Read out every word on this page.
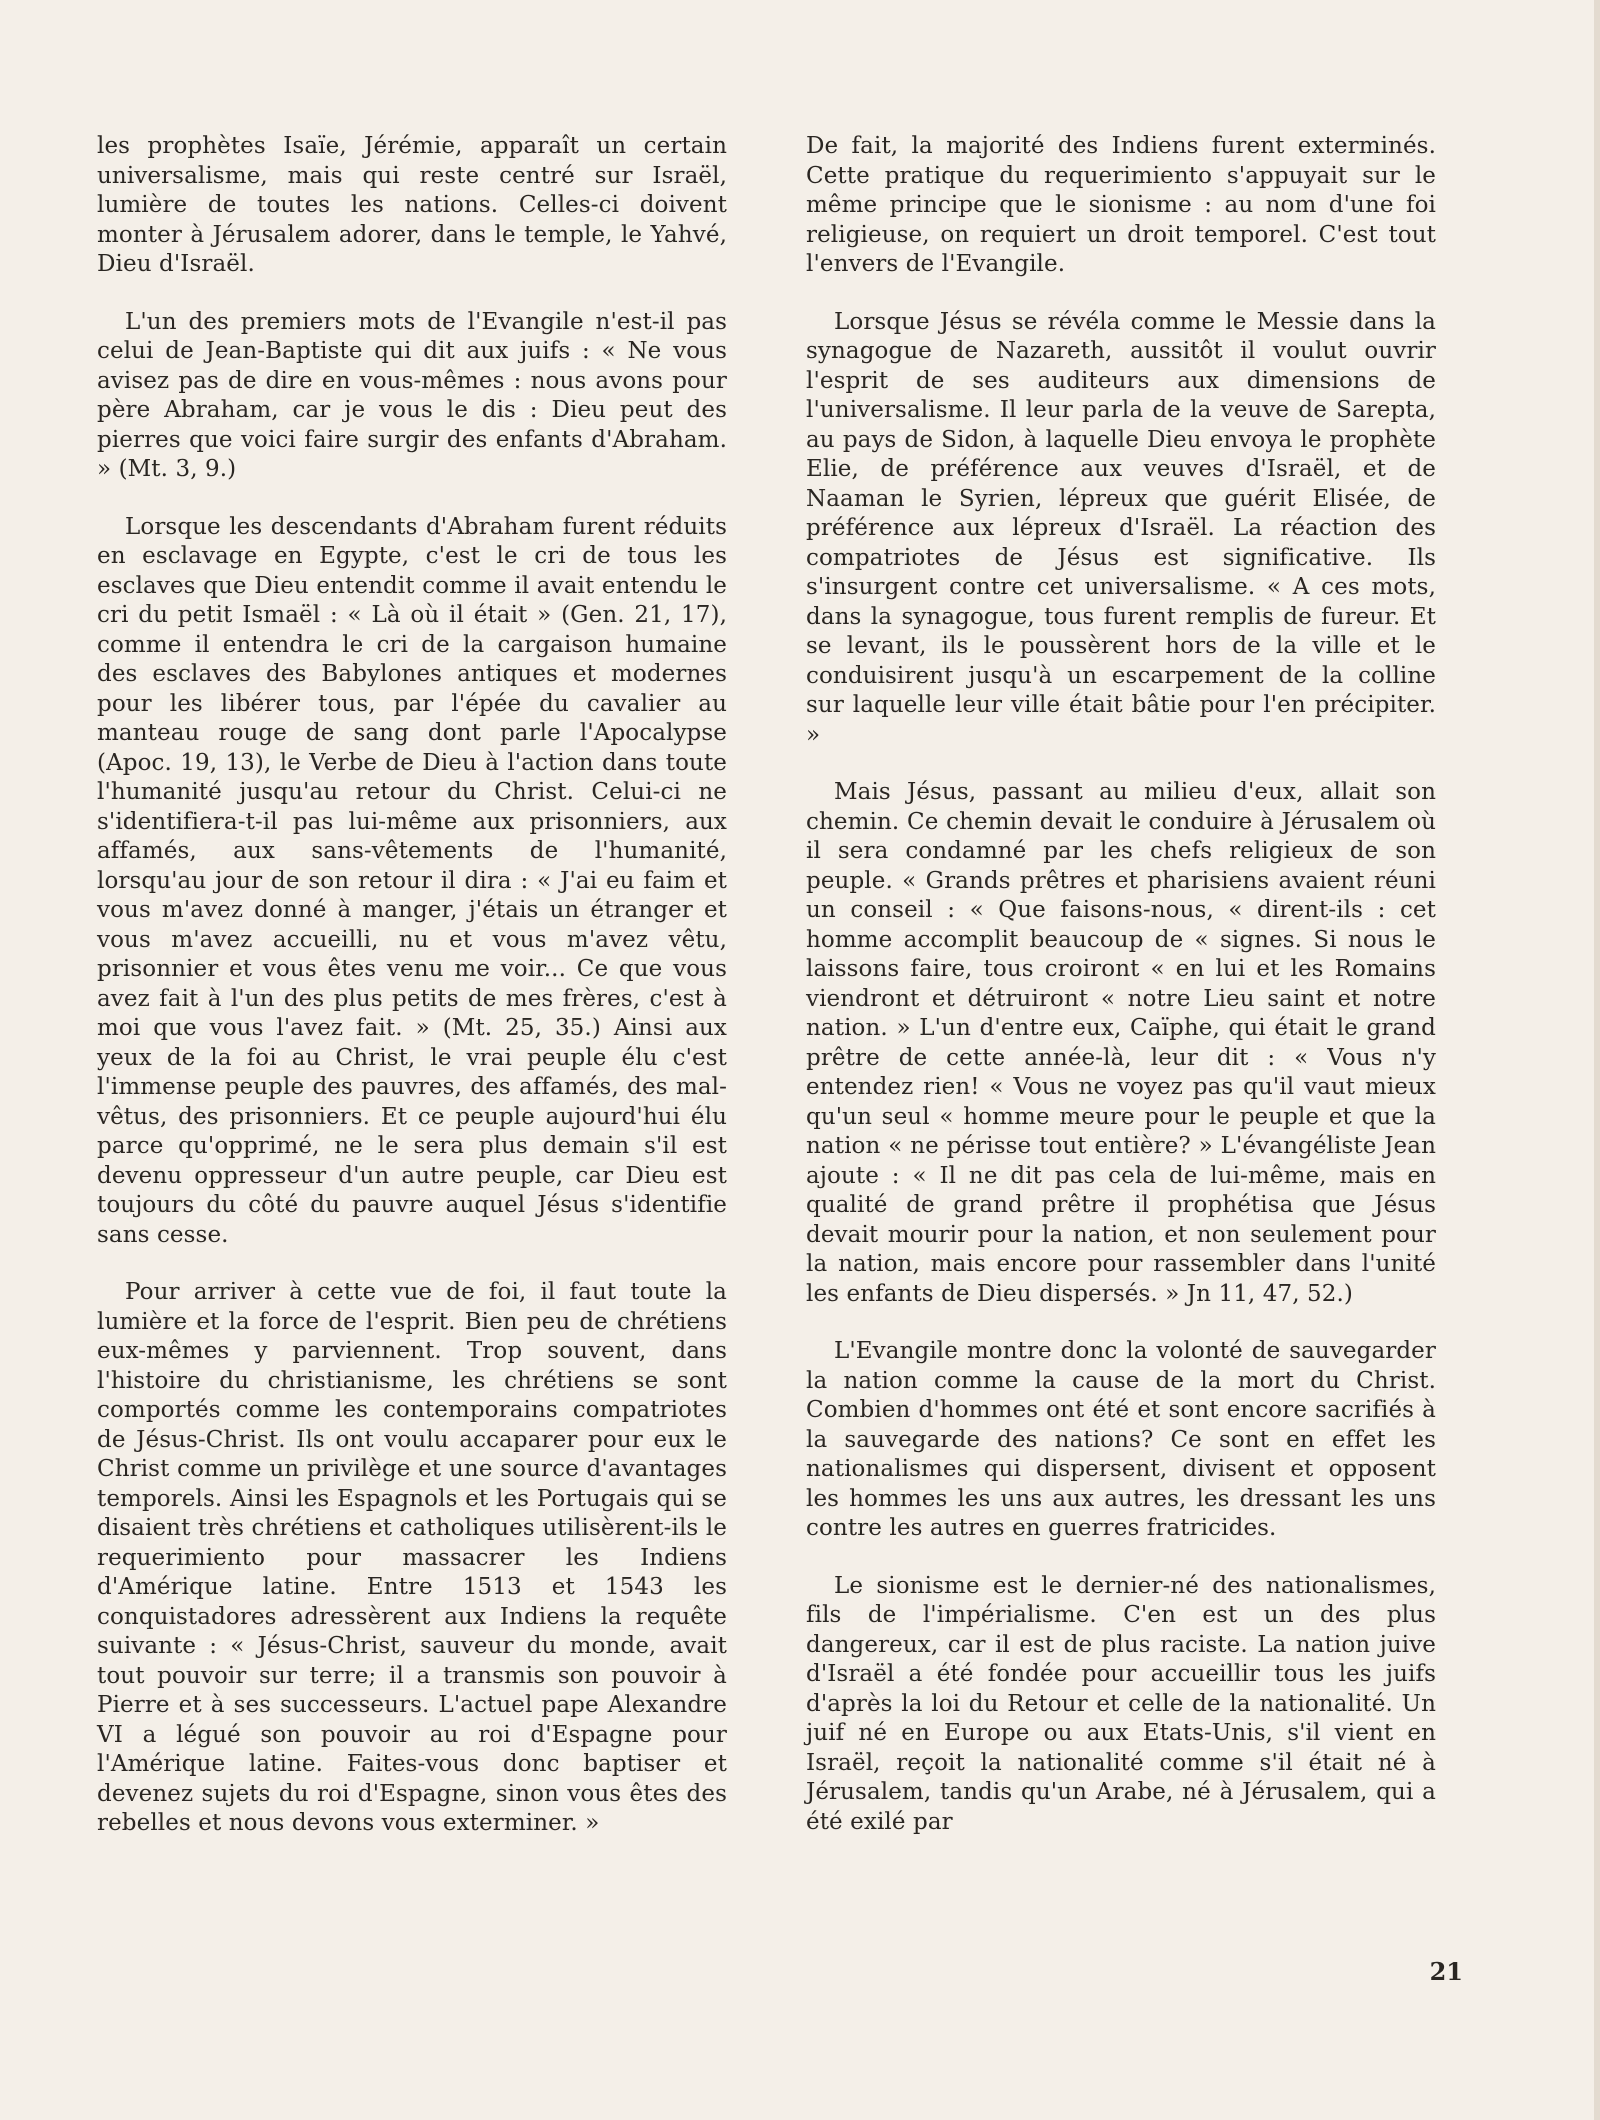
les prophètes Isaïe, Jérémie, apparaît un certain universalisme, mais qui reste centré sur Israël, lumière de toutes les nations. Celles-ci doivent monter à Jérusalem adorer, dans le temple, le Yahvé, Dieu d'Israël.

L'un des premiers mots de l'Evangile n'est-il pas celui de Jean-Baptiste qui dit aux juifs : « Ne vous avisez pas de dire en vous-mêmes : nous avons pour père Abraham, car je vous le dis : Dieu peut des pierres que voici faire surgir des enfants d'Abraham. » (Mt. 3, 9.)

Lorsque les descendants d'Abraham furent réduits en esclavage en Egypte, c'est le cri de tous les esclaves que Dieu entendit comme il avait entendu le cri du petit Ismaël : « Là où il était » (Gen. 21, 17), comme il entendra le cri de la cargaison humaine des esclaves des Babylones antiques et modernes pour les libérer tous, par l'épée du cavalier au manteau rouge de sang dont parle l'Apocalypse (Apoc. 19, 13), le Verbe de Dieu à l'action dans toute l'humanité jusqu'au retour du Christ. Celui-ci ne s'identifiera-t-il pas lui-même aux prisonniers, aux affamés, aux sans-vêtements de l'humanité, lorsqu'au jour de son retour il dira : « J'ai eu faim et vous m'avez donné à manger, j'étais un étranger et vous m'avez accueilli, nu et vous m'avez vêtu, prisonnier et vous êtes venu me voir... Ce que vous avez fait à l'un des plus petits de mes frères, c'est à moi que vous l'avez fait. » (Mt. 25, 35.) Ainsi aux yeux de la foi au Christ, le vrai peuple élu c'est l'immense peuple des pauvres, des affamés, des mal-vêtus, des prisonniers. Et ce peuple aujourd'hui élu parce qu'opprimé, ne le sera plus demain s'il est devenu oppresseur d'un autre peuple, car Dieu est toujours du côté du pauvre auquel Jésus s'identifie sans cesse.

Pour arriver à cette vue de foi, il faut toute la lumière et la force de l'esprit. Bien peu de chrétiens eux-mêmes y parviennent. Trop souvent, dans l'histoire du christianisme, les chrétiens se sont comportés comme les contemporains compatriotes de Jésus-Christ. Ils ont voulu accaparer pour eux le Christ comme un privilège et une source d'avantages temporels. Ainsi les Espagnols et les Portugais qui se disaient très chrétiens et catholiques utilisèrent-ils le requerimiento pour massacrer les Indiens d'Amérique latine. Entre 1513 et 1543 les conquistadores adressèrent aux Indiens la requête suivante : « Jésus-Christ, sauveur du monde, avait tout pouvoir sur terre; il a transmis son pouvoir à Pierre et à ses successeurs. L'actuel pape Alexandre VI a légué son pouvoir au roi d'Espagne pour l'Amérique latine. Faites-vous donc baptiser et devenez sujets du roi d'Espagne, sinon vous êtes des rebelles et nous devons vous exterminer. »

De fait, la majorité des Indiens furent exterminés. Cette pratique du requerimiento s'appuyait sur le même principe que le sionisme : au nom d'une foi religieuse, on requiert un droit temporel. C'est tout l'envers de l'Evangile.

Lorsque Jésus se révéla comme le Messie dans la synagogue de Nazareth, aussitôt il voulut ouvrir l'esprit de ses auditeurs aux dimensions de l'universalisme. Il leur parla de la veuve de Sarepta, au pays de Sidon, à laquelle Dieu envoya le prophète Elie, de préférence aux veuves d'Israël, et de Naaman le Syrien, lépreux que guérit Elisée, de préférence aux lépreux d'Israël. La réaction des compatriotes de Jésus est significative. Ils s'insurgent contre cet universalisme. « A ces mots, dans la synagogue, tous furent remplis de fureur. Et se levant, ils le poussèrent hors de la ville et le conduisirent jusqu'à un escarpement de la colline sur laquelle leur ville était bâtie pour l'en précipiter. »

Mais Jésus, passant au milieu d'eux, allait son chemin. Ce chemin devait le conduire à Jérusalem où il sera condamné par les chefs religieux de son peuple. « Grands prêtres et pharisiens avaient réuni un conseil : « Que faisons-nous, « dirent-ils : cet homme accomplit beaucoup de « signes. Si nous le laissons faire, tous croiront « en lui et les Romains viendront et détruiront « notre Lieu saint et notre nation. » L'un d'entre eux, Caïphe, qui était le grand prêtre de cette année-là, leur dit : « Vous n'y entendez rien! « Vous ne voyez pas qu'il vaut mieux qu'un seul « homme meure pour le peuple et que la nation « ne périsse tout entière? » L'évangéliste Jean ajoute : « Il ne dit pas cela de lui-même, mais en qualité de grand prêtre il prophétisa que Jésus devait mourir pour la nation, et non seulement pour la nation, mais encore pour rassembler dans l'unité les enfants de Dieu dispersés. » Jn 11, 47, 52.)

L'Evangile montre donc la volonté de sauvegarder la nation comme la cause de la mort du Christ. Combien d'hommes ont été et sont encore sacrifiés à la sauvegarde des nations? Ce sont en effet les nationalismes qui dispersent, divisent et opposent les hommes les uns aux autres, les dressant les uns contre les autres en guerres fratricides.

Le sionisme est le dernier-né des nationalismes, fils de l'impérialisme. C'en est un des plus dangereux, car il est de plus raciste. La nation juive d'Israël a été fondée pour accueillir tous les juifs d'après la loi du Retour et celle de la nationalité. Un juif né en Europe ou aux Etats-Unis, s'il vient en Israël, reçoit la nationalité comme s'il était né à Jérusalem, tandis qu'un Arabe, né à Jérusalem, qui a été exilé par

21
